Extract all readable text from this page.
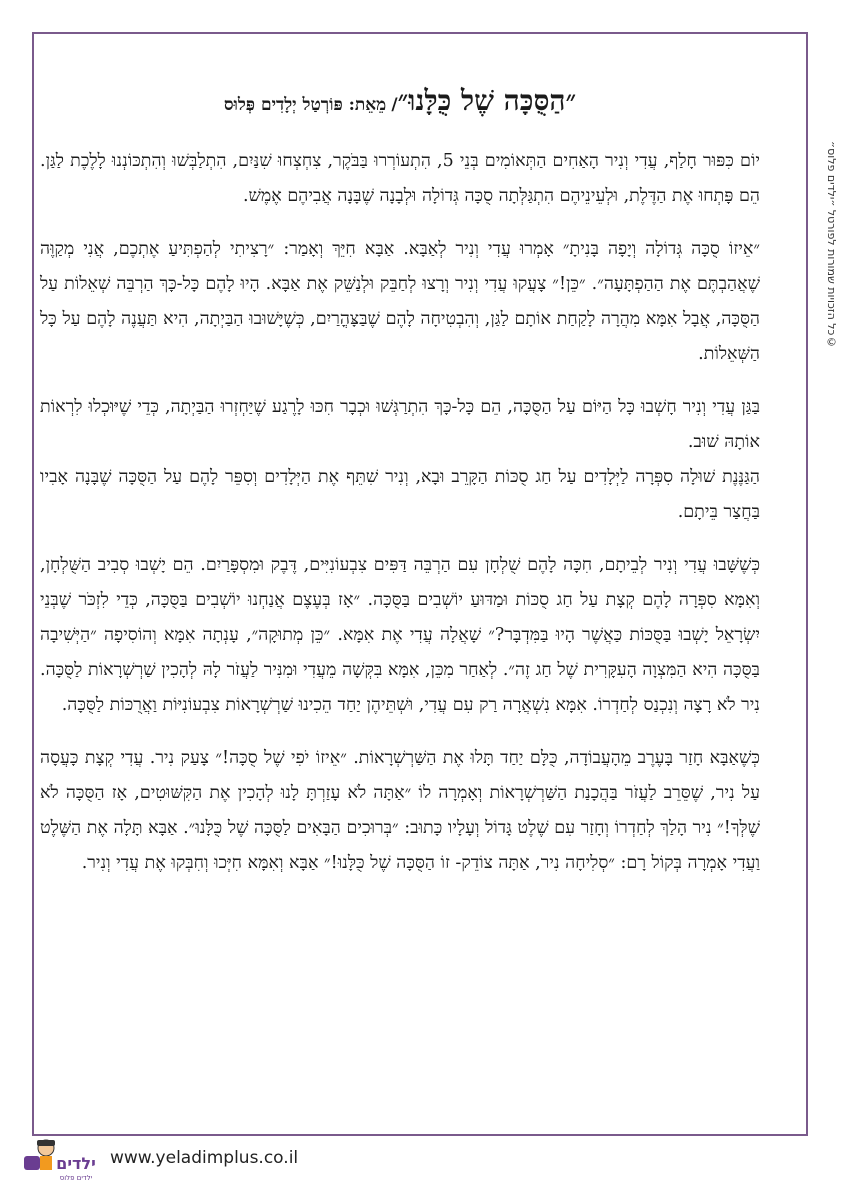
©כל הזכויות שמורות לפורטל ״ילדים פלוס״
״הַסֻּכָּה שֶׁל כֻּלָּנוּ״/ מֵאֵת: פּוֹרְטַל יְלָדִים פְּלוּס

יוֹם כִּפּוּר חָלַף, עֲדִי וְנִיר הָאַחִים הַתְּאוֹמִים בְּנֵי 5, הִתְעוֹרְרוּ בַּבֹּקֶר, צִחְצְחוּ שִׁנַּיִם, הִתְלַבְּשׁוּ וְהִתְכּוֹנְנוּ לָלֶכֶת לַגַּן. הֵם פָּתְחוּ אֶת הַדֶּלֶת, וּלְעֵינֵיהֶם הִתְגַּלְּתָה סֻכָּה גְּדוֹלָה וּלְבָנָה שֶׁבָּנָה אֲבִיהֶם אֶמֶשׁ.

״אֵיזוֹ סֻכָּה גְּדוֹלָה וְיָפָה בָּנִיתָ״ אָמְרוּ עֲדִי וְנִיר לְאַבָּא. אַבָּא חִיֵּךְ וְאָמַר: ״רָצִיתִי לְהַפְתִּיעַ אֶתְכֶם, אֲנִי מְקַוֶּה שֶׁאֲהַבְתֶּם אֶת הַהַפְתָּעָה״. ״כֵּן!״ צָעֲקוּ עֲדִי וְנִיר וְרָצוּ לְחַבֵּק וּלְנַשֵּׁק אֶת אַבָּא. הָיוּ לָהֶם כָּל-כָּךְ הַרְבֵּה שְׁאֵלוֹת עַל הַסֻּכָּה, אֲבָל אִמָּא מִהֲרָה לָקַחַת אוֹתָם לַגַּן, וְהִבְטִיחָה לָהֶם שֶׁבַּצָּהֳרַיִם, כְּשֶׁיָּשׁוּבוּ הַבַּיְתָה, הִיא תַּעֲנֶה לָהֶם עַל כָּל הַשְּׁאֵלוֹת.

בַּגַּן עֲדִי וְנִיר חָשְׁבוּ כָּל הַיּוֹם עַל הַסֻּכָּה, הֵם כָּל-כָּךְ הִתְרַגְּשׁוּ וּכְבָר חִכּוּ לָרֶגַע שֶׁיַּחְזְרוּ הַבַּיְתָה, כְּדֵי שֶׁיּוּכְלוּ לִרְאוֹת אוֹתָהּ שׁוּב.

הַגַּנֶּנֶת שׁוּלָה סִפְּרָה לַיְּלָדִים עַל חַג סֻכּוֹת הַקָּרֵב וּבָא, וְנִיר שִׁתֵּף אֶת הַיְּלָדִים וְסִפֵּר לָהֶם עַל הַסֻּכָּה שֶׁבָּנָה אָבִיו בַּחֲצַר בֵּיתָם.

כְּשֶׁשָּׁבוּ עֲדִי וְנִיר לְבֵיתָם, חִכָּה לָהֶם שֻׁלְחָן עִם הַרְבֵּה דַּפִּים צִבְעוֹנִיִּים, דֶּבֶק וּמִסְפָּרַיִם. הֵם יָשְׁבוּ סְבִיב הַשֻּׁלְחָן, וְאִמָּא סִפְּרָה לָהֶם קְצָת עַל חַג סֻכּוֹת וּמַדּוּעַ יוֹשְׁבִים בַּסֻּכָּה. ״אָז בְּעֶצֶם אֲנַחְנוּ יוֹשְׁבִים בַּסֻּכָּה, כְּדֵי לִזְכֹּר שֶׁבְּנֵי יִשְׂרָאֵל יָשְׁבוּ בַּסֻּכּוֹת כַּאֲשֶׁר הָיוּ בַּמִּדְבָּר?״ שָׁאֲלָה עֲדִי אֶת אִמָּא. ״כֵּן מְתוּקָה״, עָנְתָה אִמָּא וְהוֹסִיפָה ״הַיְּשִׁיבָה בַּסֻּכָּה הִיא הַמִּצְוָה הָעִקָּרִית שֶׁל חַג זֶה״. לְאַחַר מִכֵּן, אִמָּא בִּקְּשָׁה מֵעֲדִי וּמִנִּיר לַעֲזֹר לָהּ לְהָכִין שַׁרְשְׁרָאוֹת לַסֻּכָּה. נִיר לֹא רָצָה וְנִכְנַס לְחַדְרוֹ. אִמָּא נִשְׁאֲרָה רַק עִם עֲדִי, וּשְׁתֵּיהֶן יַחַד הֵכִינוּ שַׁרְשְׁרָאוֹת צִבְעוֹנִיּוֹת וַאֲרֻכּוֹת לַסֻּכָּה.

כְּשֶׁאַבָּא חָזַר בָּעֶרֶב מֵהָעֲבוֹדָה, כֻּלָּם יַחַד תָּלוּ אֶת הַשַּׁרְשְׁרָאוֹת. ״אֵיזוֹ יֹפִי שֶׁל סֻכָּה!״ צָעַק נִיר. עֲדִי קְצָת כָּעֲסָה עַל נִיר, שֶׁסֵּרֵב לַעֲזֹר בַּהֲכָנַת הַשַּׁרְשְׁרָאוֹת וְאָמְרָה לוֹ ״אַתָּה לֹא עָזַרְתָּ לָנוּ לְהָכִין אֶת הַקִּשּׁוּטִים, אָז הַסֻּכָּה לֹא שֶׁלְּךָ!״ נִיר הָלַךְ לְחַדְרוֹ וְחָזַר עִם שֶׁלֶט גָּדוֹל וְעָלָיו כָּתוּב: ״בְּרוּכִים הַבָּאִים לַסֻּכָּה שֶׁל כֻּלָּנוּ״. אַבָּא תָּלָה אֶת הַשֶּׁלֶט וַעֲדִי אָמְרָה בְּקוֹל רָם: ״סְלִיחָה נִיר, אַתָּה צוֹדֵק- זוֹ הַסֻּכָּה שֶׁל כֻּלָּנוּ!״ אַבָּא וְאִמָּא חִיְּכוּ וְחִבְּקוּ אֶת עֲדִי וְנִיר.

ילדים
ילדים פלוס
www.yeladimplus.co.il
